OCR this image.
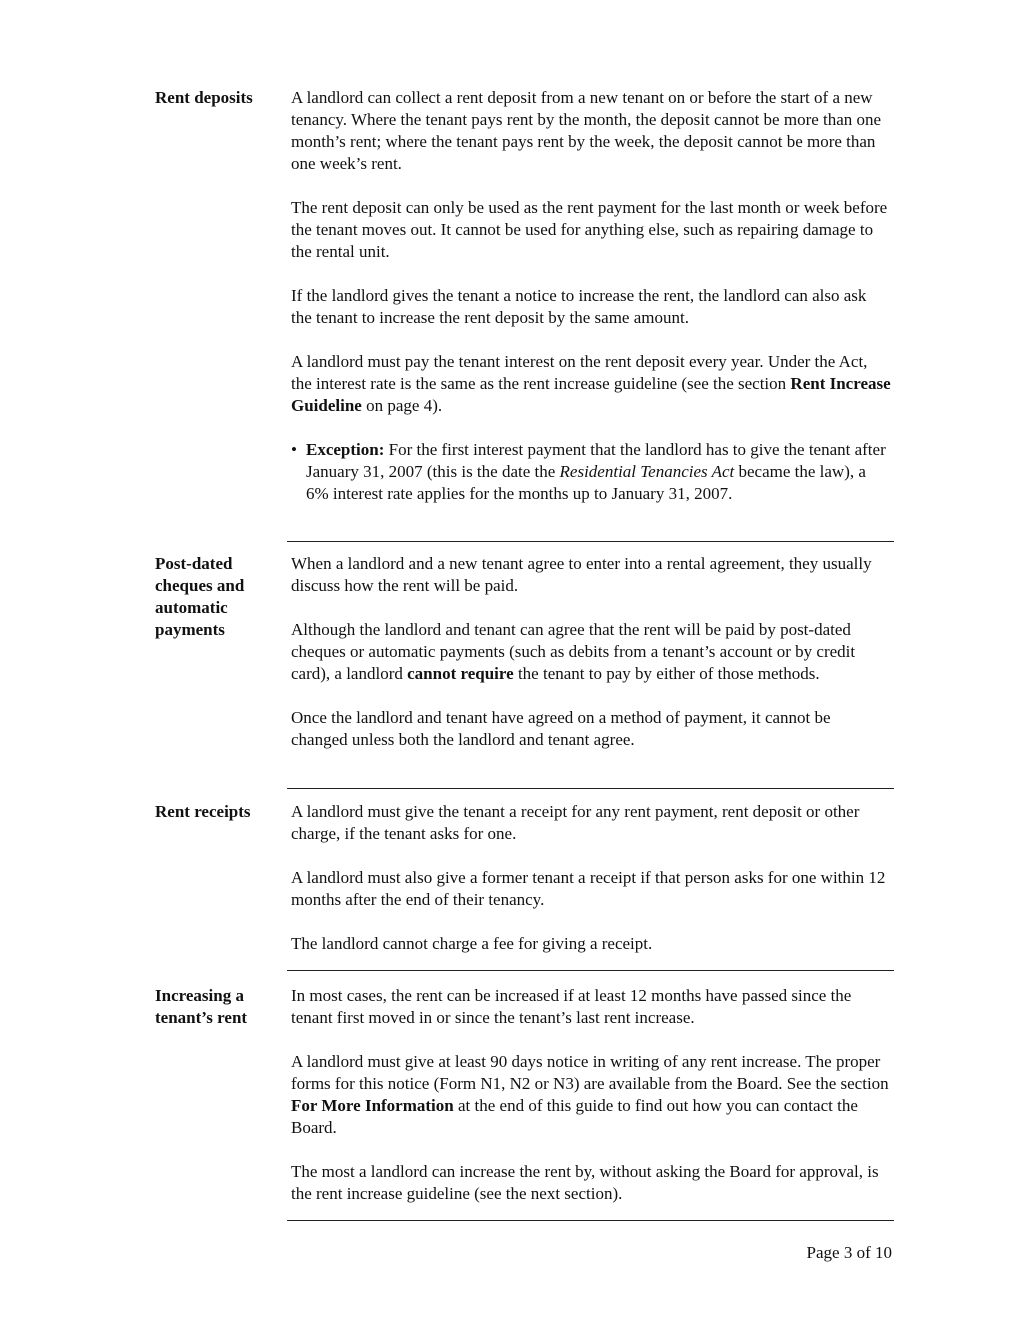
Rent deposits	A landlord can collect a rent deposit from a new tenant on or before the start of a new tenancy. Where the tenant pays rent by the month, the deposit cannot be more than one month’s rent; where the tenant pays rent by the week, the deposit cannot be more than one week’s rent.

The rent deposit can only be used as the rent payment for the last month or week before the tenant moves out. It cannot be used for anything else, such as repairing damage to the rental unit.

If the landlord gives the tenant a notice to increase the rent, the landlord can also ask the tenant to increase the rent deposit by the same amount.

A landlord must pay the tenant interest on the rent deposit every year. Under the Act, the interest rate is the same as the rent increase guideline (see the section Rent Increase Guideline on page 4).

• Exception: For the first interest payment that the landlord has to give the tenant after January 31, 2007 (this is the date the Residential Tenancies Act became the law), a 6% interest rate applies for the months up to January 31, 2007.

Post-dated cheques and automatic payments

When a landlord and a new tenant agree to enter into a rental agreement, they usually discuss how the rent will be paid.

Although the landlord and tenant can agree that the rent will be paid by post-dated cheques or automatic payments (such as debits from a tenant’s account or by credit card), a landlord cannot require the tenant to pay by either of those methods.

Once the landlord and tenant have agreed on a method of payment, it cannot be changed unless both the landlord and tenant agree.

Rent receipts	A landlord must give the tenant a receipt for any rent payment, rent deposit or other charge, if the tenant asks for one.

A landlord must also give a former tenant a receipt if that person asks for one within 12 months after the end of their tenancy.

The landlord cannot charge a fee for giving a receipt.

Increasing a tenant’s rent

In most cases, the rent can be increased if at least 12 months have passed since the tenant first moved in or since the tenant’s last rent increase.

A landlord must give at least 90 days notice in writing of any rent increase. The proper forms for this notice (Form N1, N2 or N3) are available from the Board. See the section For More Information at the end of this guide to find out how you can contact the Board.

The most a landlord can increase the rent by, without asking the Board for approval, is the rent increase guideline (see the next section).

Page 3 of 10
